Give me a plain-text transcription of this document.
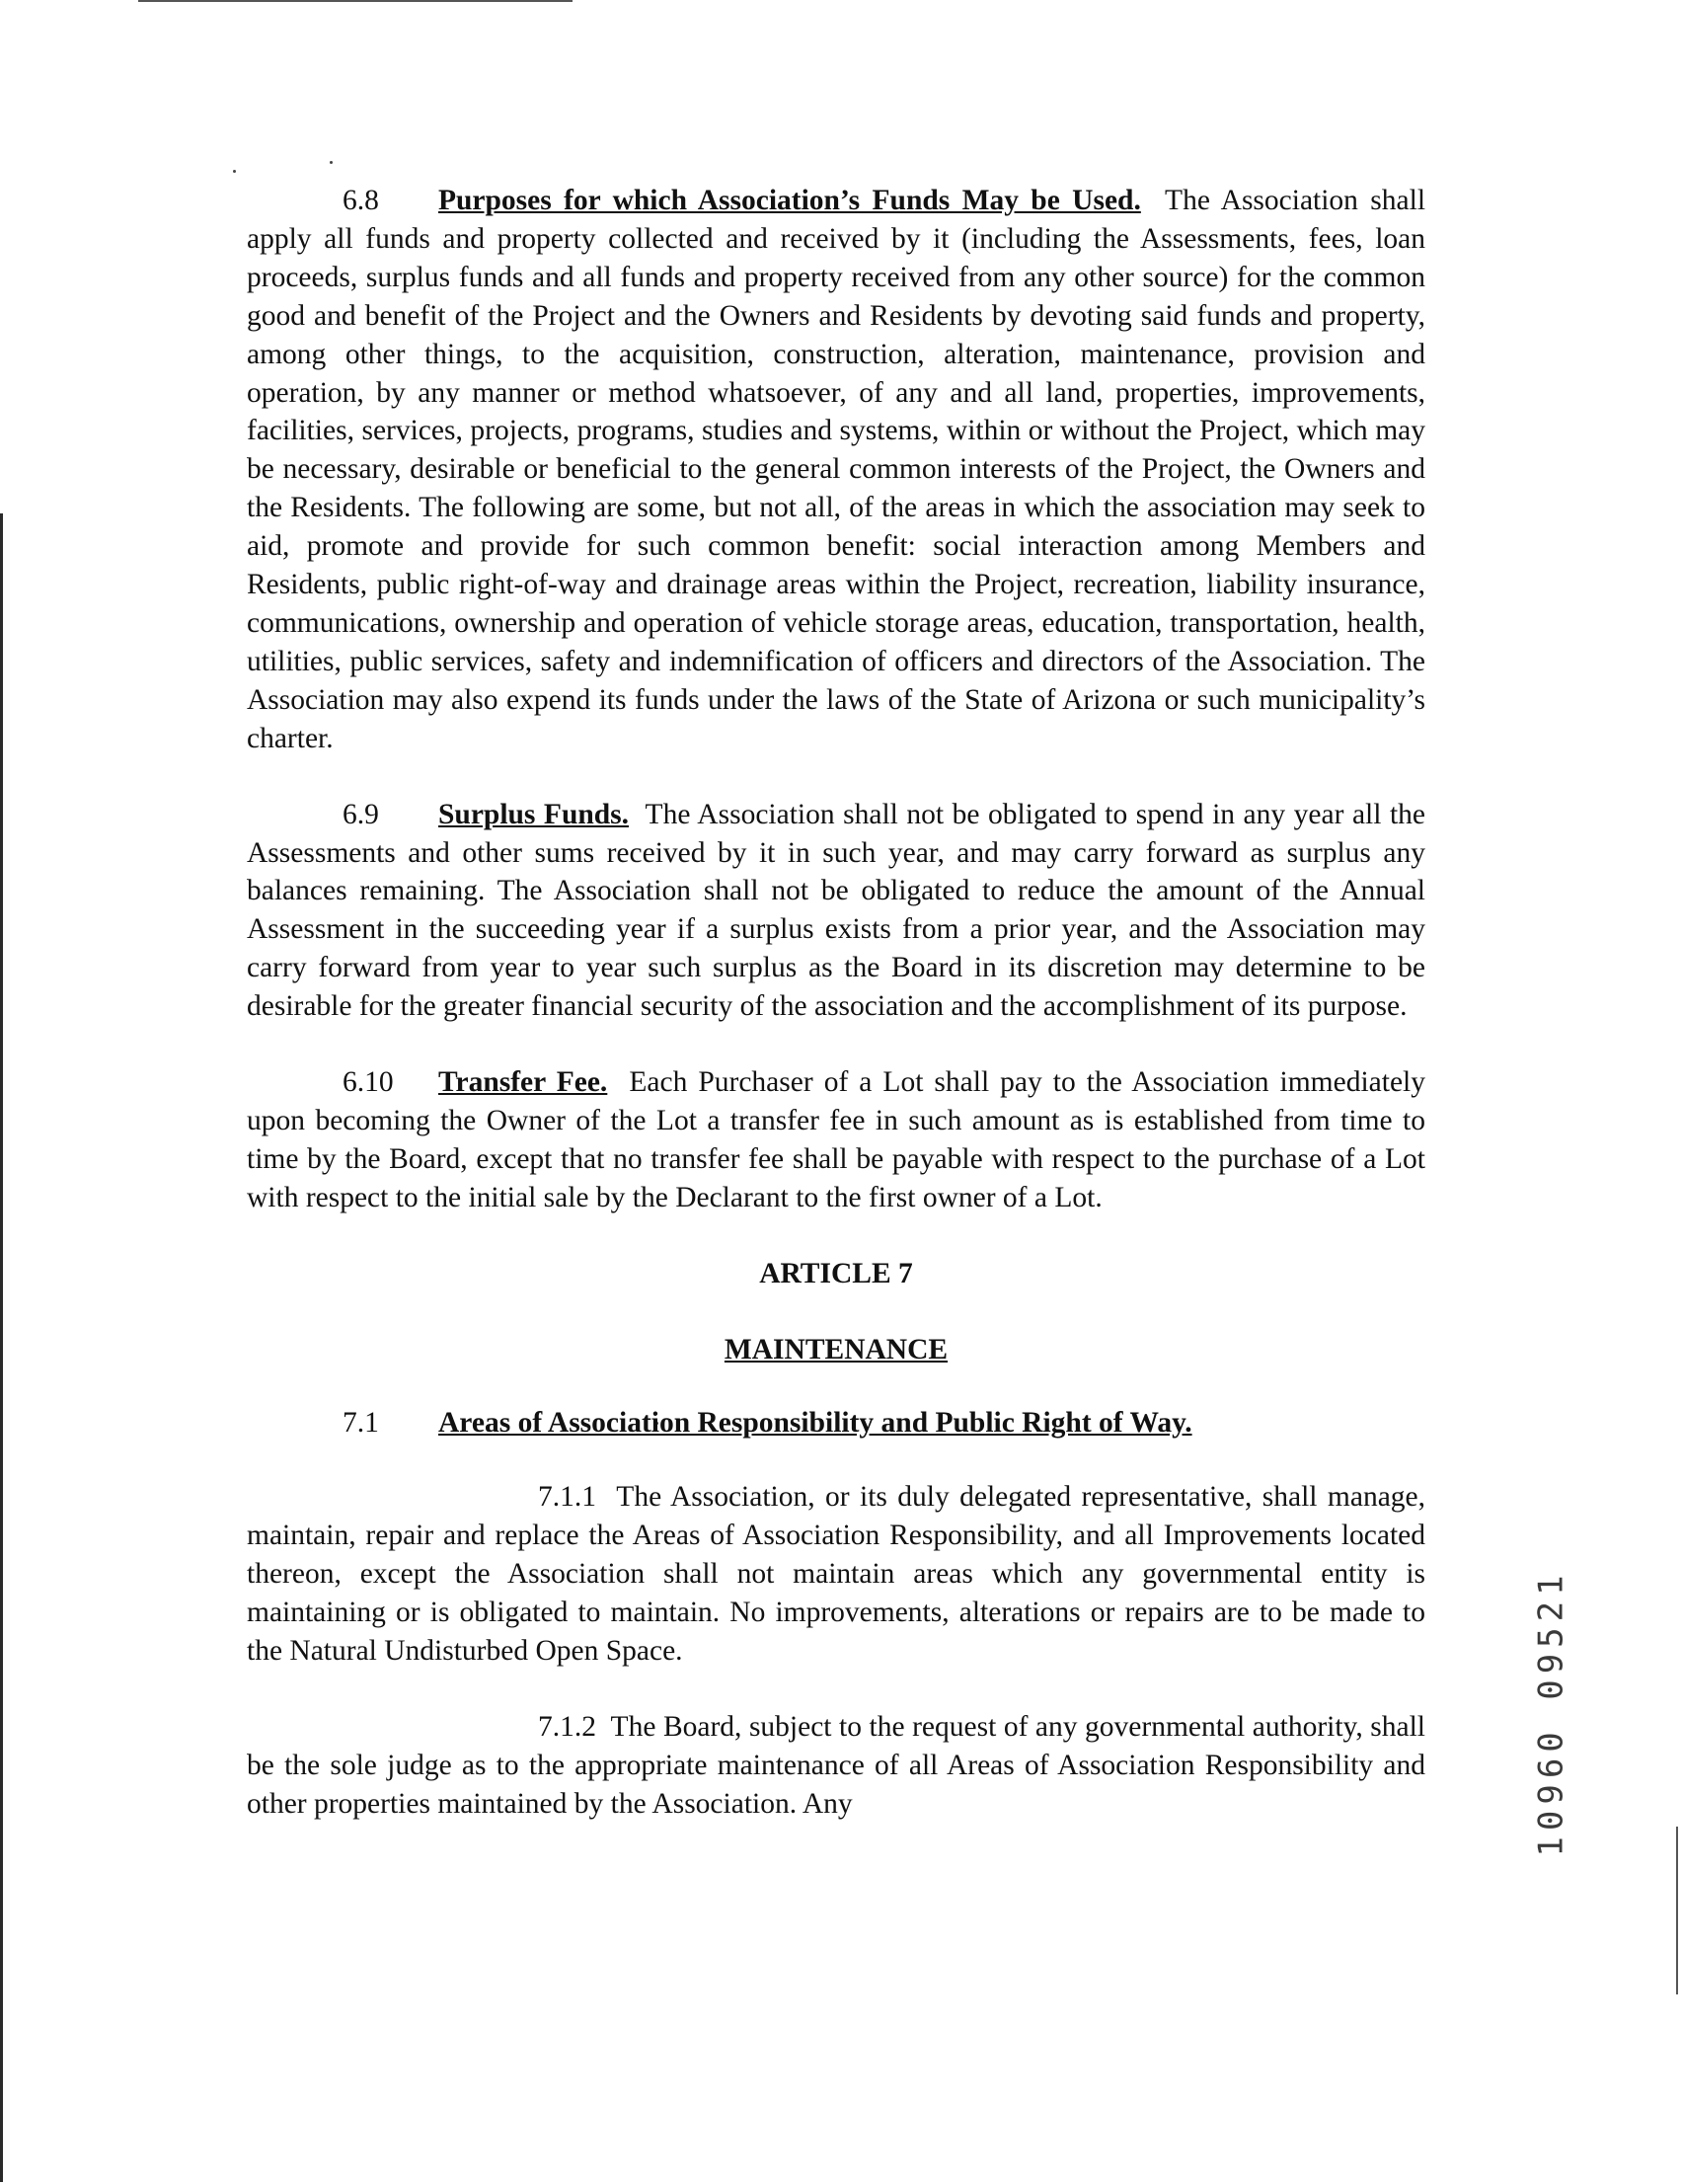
6.8 Purposes for which Association’s Funds May be Used. The Association shall apply all funds and property collected and received by it (including the Assessments, fees, loan proceeds, surplus funds and all funds and property received from any other source) for the common good and benefit of the Project and the Owners and Residents by devoting said funds and property, among other things, to the acquisition, construction, alteration, maintenance, provision and operation, by any manner or method whatsoever, of any and all land, properties, improvements, facilities, services, projects, programs, studies and systems, within or without the Project, which may be necessary, desirable or beneficial to the general common interests of the Project, the Owners and the Residents. The following are some, but not all, of the areas in which the association may seek to aid, promote and provide for such common benefit: social interaction among Members and Residents, public right-of-way and drainage areas within the Project, recreation, liability insurance, communications, ownership and operation of vehicle storage areas, education, transportation, health, utilities, public services, safety and indemnification of officers and directors of the Association. The Association may also expend its funds under the laws of the State of Arizona or such municipality’s charter.

6.9 Surplus Funds. The Association shall not be obligated to spend in any year all the Assessments and other sums received by it in such year, and may carry forward as surplus any balances remaining. The Association shall not be obligated to reduce the amount of the Annual Assessment in the succeeding year if a surplus exists from a prior year, and the Association may carry forward from year to year such surplus as the Board in its discretion may determine to be desirable for the greater financial security of the association and the accomplishment of its purpose.

6.10 Transfer Fee. Each Purchaser of a Lot shall pay to the Association immediately upon becoming the Owner of the Lot a transfer fee in such amount as is established from time to time by the Board, except that no transfer fee shall be payable with respect to the purchase of a Lot with respect to the initial sale by the Declarant to the first owner of a Lot.

ARTICLE 7

MAINTENANCE

7.1 Areas of Association Responsibility and Public Right of Way.

7.1.1 The Association, or its duly delegated representative, shall manage, maintain, repair and replace the Areas of Association Responsibility, and all Improvements located thereon, except the Association shall not maintain areas which any governmental entity is maintaining or is obligated to maintain. No improvements, alterations or repairs are to be made to the Natural Undisturbed Open Space.

7.1.2 The Board, subject to the request of any governmental authority, shall be the sole judge as to the appropriate maintenance of all Areas of Association Responsibility and other properties maintained by the Association. Any	10960 09521
